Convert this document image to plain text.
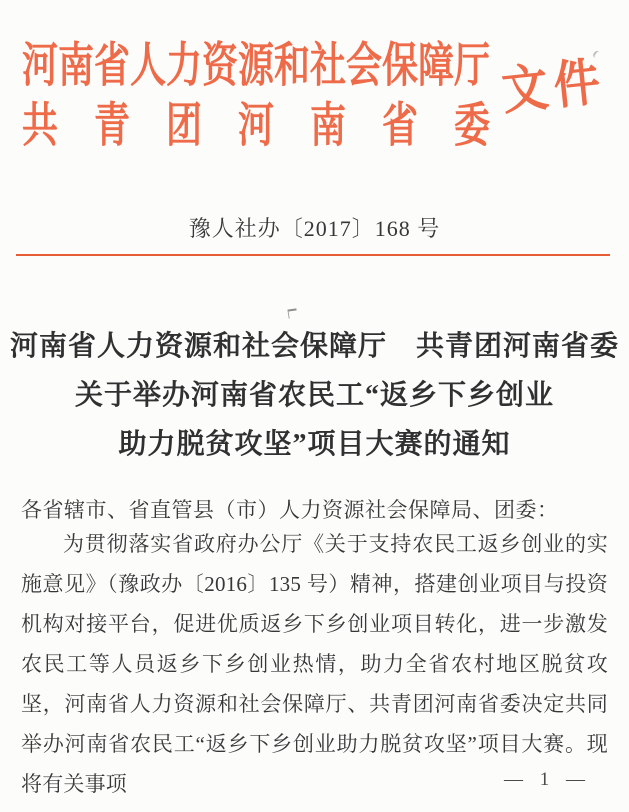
河南省人力资源和社会保障厅
共青团河南省委
文件
豫人社办〔2017〕168 号
河南省人力资源和社会保障厅　共青团河南省委
关于举办河南省农民工“返乡下乡创业
助力脱贫攻坚”项目大赛的通知
各省辖市、省直管县（市）人力资源社会保障局、团委：
为贯彻落实省政府办公厅《关于支持农民工返乡创业的实施意见》（豫政办〔2016〕135 号）精神，搭建创业项目与投资机构对接平台，促进优质返乡下乡创业项目转化，进一步激发农民工等人员返乡下乡创业热情，助力全省农村地区脱贫攻坚，河南省人力资源和社会保障厅、共青团河南省委决定共同举办河南省农民工“返乡下乡创业助力脱贫攻坚”项目大赛。现将有关事项	— 1 —
